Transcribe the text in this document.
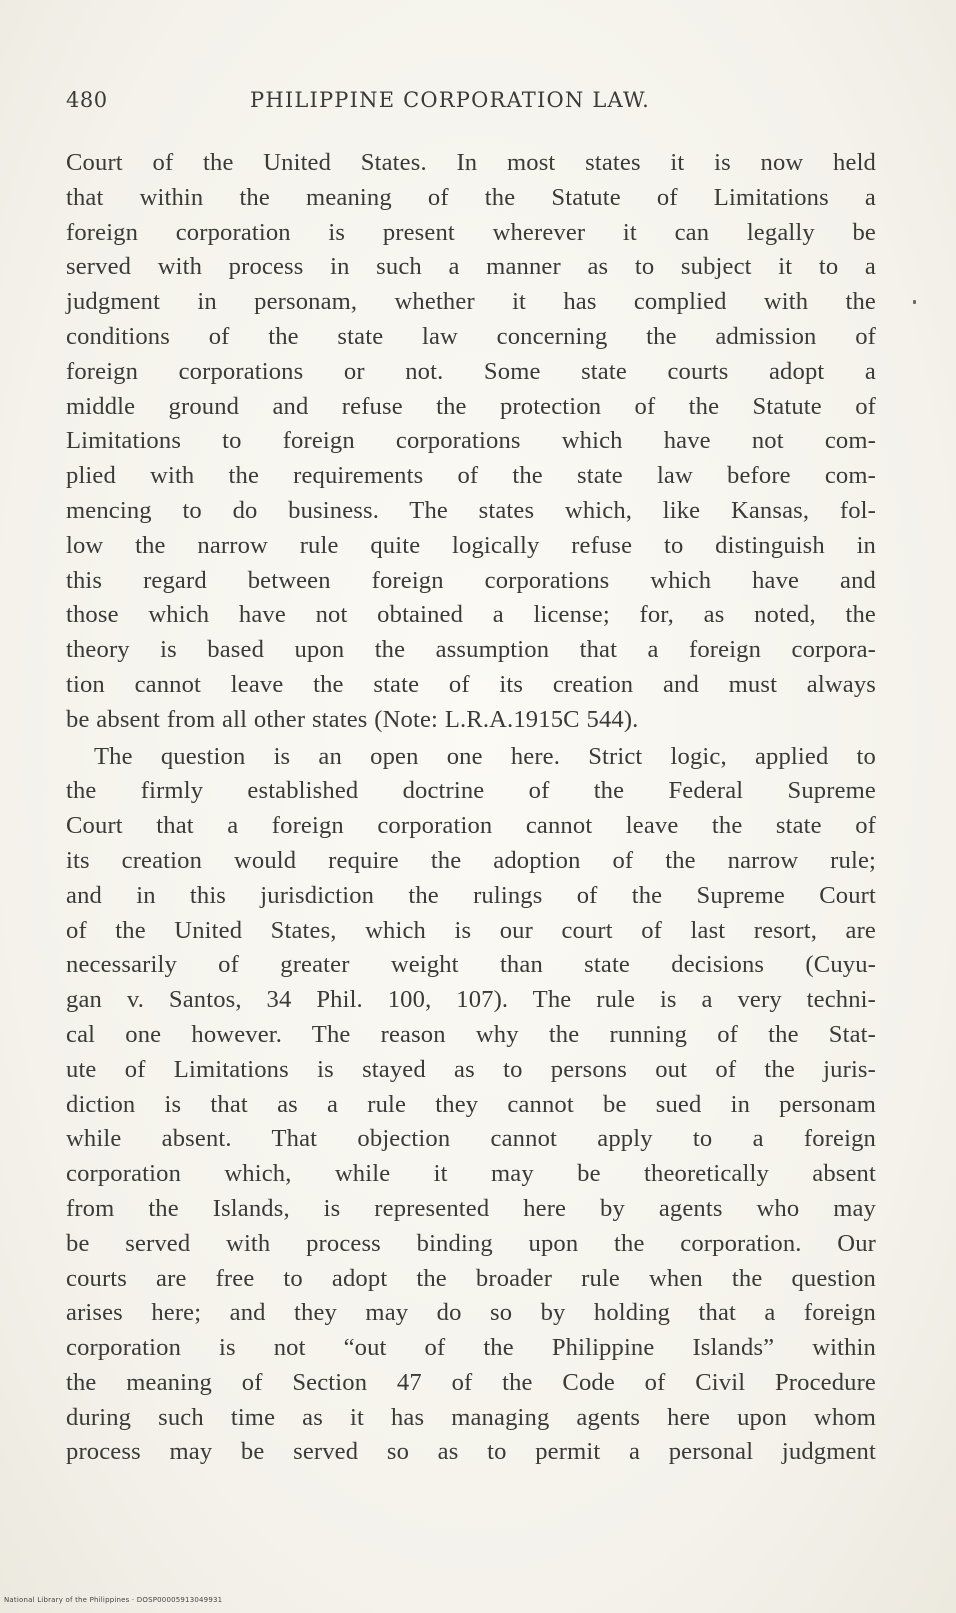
480	PHILIPPINE CORPORATION LAW.

Court of the United States. In most states it is now held
that within the meaning of the Statute of Limitations a
foreign corporation is present wherever it can legally be
served with process in such a manner as to subject it to a
judgment in personam, whether it has complied with the
conditions of the state law concerning the admission of
foreign corporations or not. Some state courts adopt a
middle ground and refuse the protection of the Statute of
Limitations to foreign corporations which have not com-
plied with the requirements of the state law before com-
mencing to do business. The states which, like Kansas, fol-
low the narrow rule quite logically refuse to distinguish in
this regard between foreign corporations which have and
those which have not obtained a license; for, as noted, the
theory is based upon the assumption that a foreign corpora-
tion cannot leave the state of its creation and must always
be absent from all other states (Note: L.R.A.1915C 544).

The question is an open one here. Strict logic, applied to
the firmly established doctrine of the Federal Supreme
Court that a foreign corporation cannot leave the state of
its creation would require the adoption of the narrow rule;
and in this jurisdiction the rulings of the Supreme Court
of the United States, which is our court of last resort, are
necessarily of greater weight than state decisions (Cuyu-
gan v. Santos, 34 Phil. 100, 107). The rule is a very techni-
cal one however. The reason why the running of the Stat-
ute of Limitations is stayed as to persons out of the juris-
diction is that as a rule they cannot be sued in personam
while absent. That objection cannot apply to a foreign
corporation which, while it may be theoretically absent
from the Islands, is represented here by agents who may
be served with process binding upon the corporation. Our
courts are free to adopt the broader rule when the question
arises here; and they may do so by holding that a foreign
corporation is not “out of the Philippine Islands” within
the meaning of Section 47 of the Code of Civil Procedure
during such time as it has managing agents here upon whom
process may be served so as to permit a personal judgment

National Library of the Philippines · DOSP00005913049931
